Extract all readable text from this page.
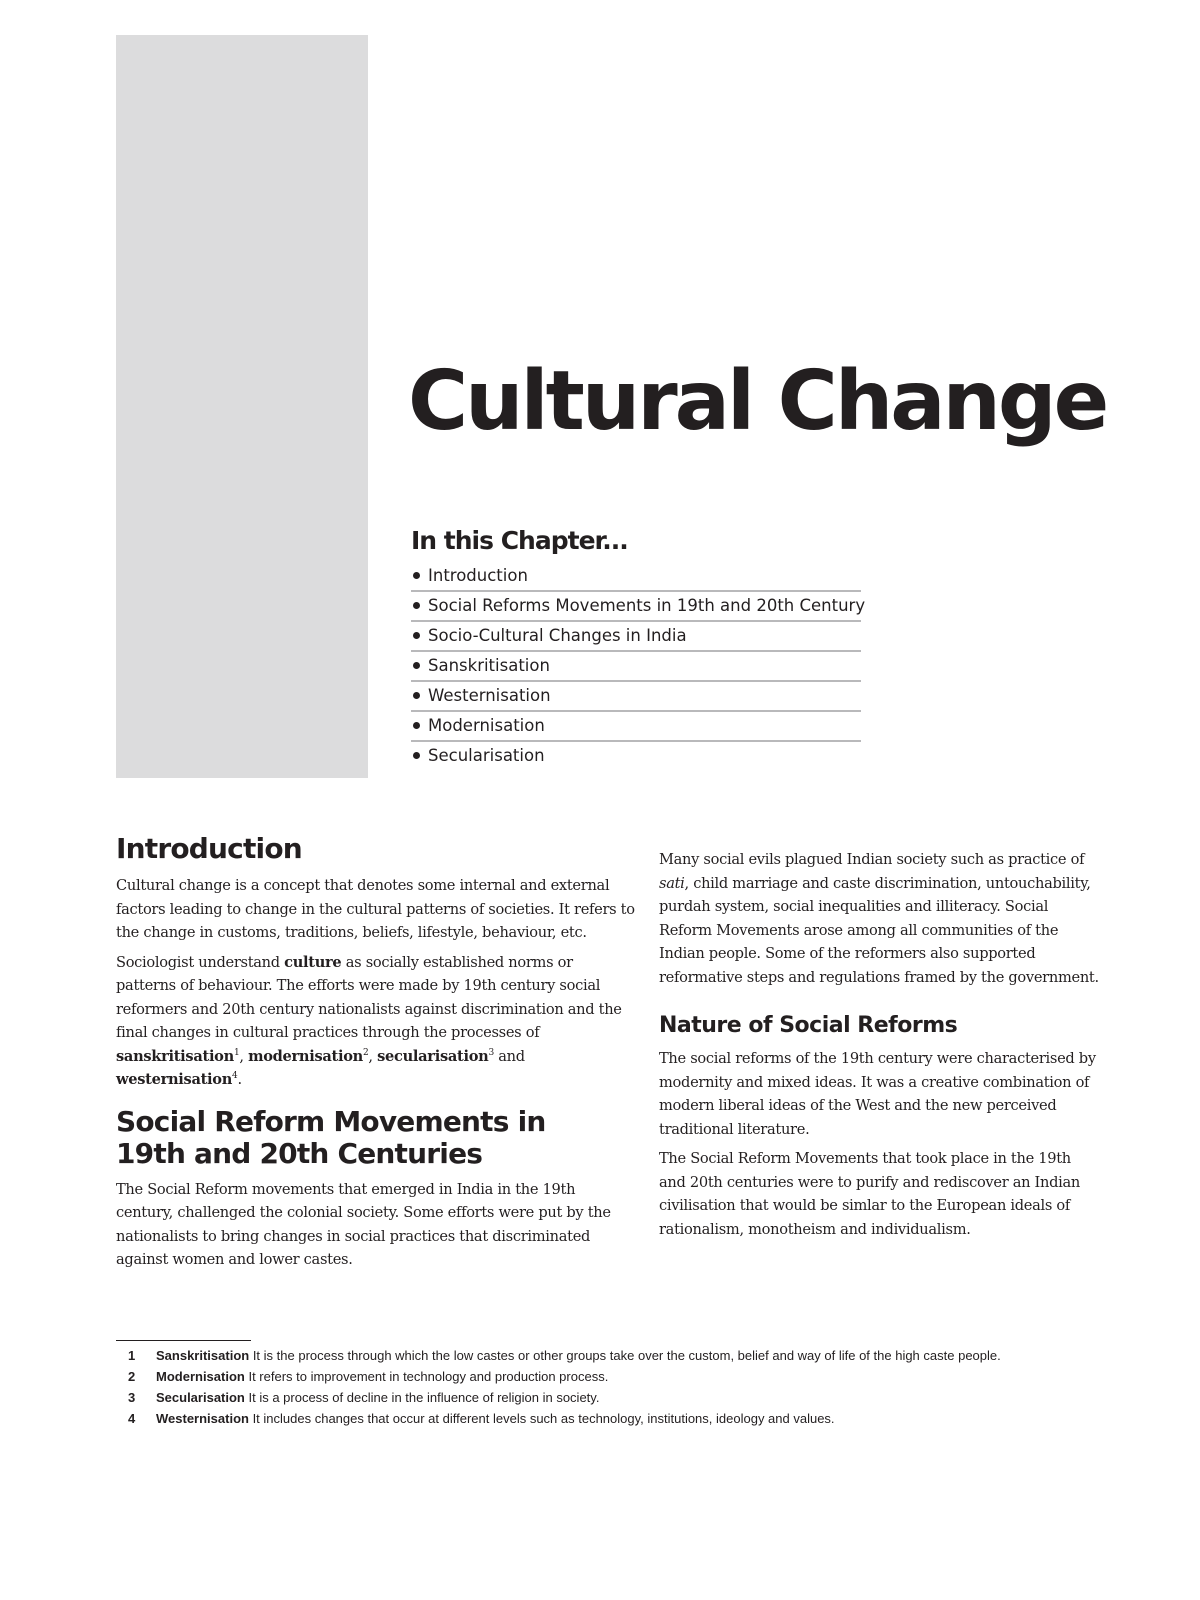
Cultural Change
In this Chapter...
Introduction
Social Reforms Movements in 19th and 20th Century
Socio-Cultural Changes in India
Sanskritisation
Westernisation
Modernisation
Secularisation
Introduction

Cultural change is a concept that denotes some internal and external factors leading to change in the cultural patterns of societies. It refers to the change in customs, traditions, beliefs, lifestyle, behaviour, etc.

Sociologist understand culture as socially established norms or patterns of behaviour. The efforts were made by 19th century social reformers and 20th century nationalists against discrimination and the final changes in cultural practices through the processes of sanskritisation$^1$, modernisation$^2$, secularisation$^3$ and westernisation$^4$.

Social Reform Movements in
19th and 20th Centuries

The Social Reform movements that emerged in India in the 19th century, challenged the colonial society. Some efforts were put by the nationalists to bring changes in social practices that discriminated against women and lower castes.

Many social evils plagued Indian society such as practice of sati, child marriage and caste discrimination, untouchability, purdah system, social inequalities and illiteracy. Social Reform Movements arose among all communities of the Indian people. Some of the reformers also supported reformative steps and regulations framed by the government.

Nature of Social Reforms

The social reforms of the 19th century were characterised by modernity and mixed ideas. It was a creative combination of modern liberal ideas of the West and the new perceived traditional literature.

The Social Reform Movements that took place in the 19th and 20th centuries were to purify and rediscover an Indian civilisation that would be simlar to the European ideals of rationalism, monotheism and individualism.

1	Sanskritisation It is the process through which the low castes or other groups take over the custom, belief and way of life of the high caste people.
2	Modernisation It refers to improvement in technology and production process.
3	Secularisation It is a process of decline in the influence of religion in society.
4	Westernisation It includes changes that occur at different levels such as technology, institutions, ideology and values.
